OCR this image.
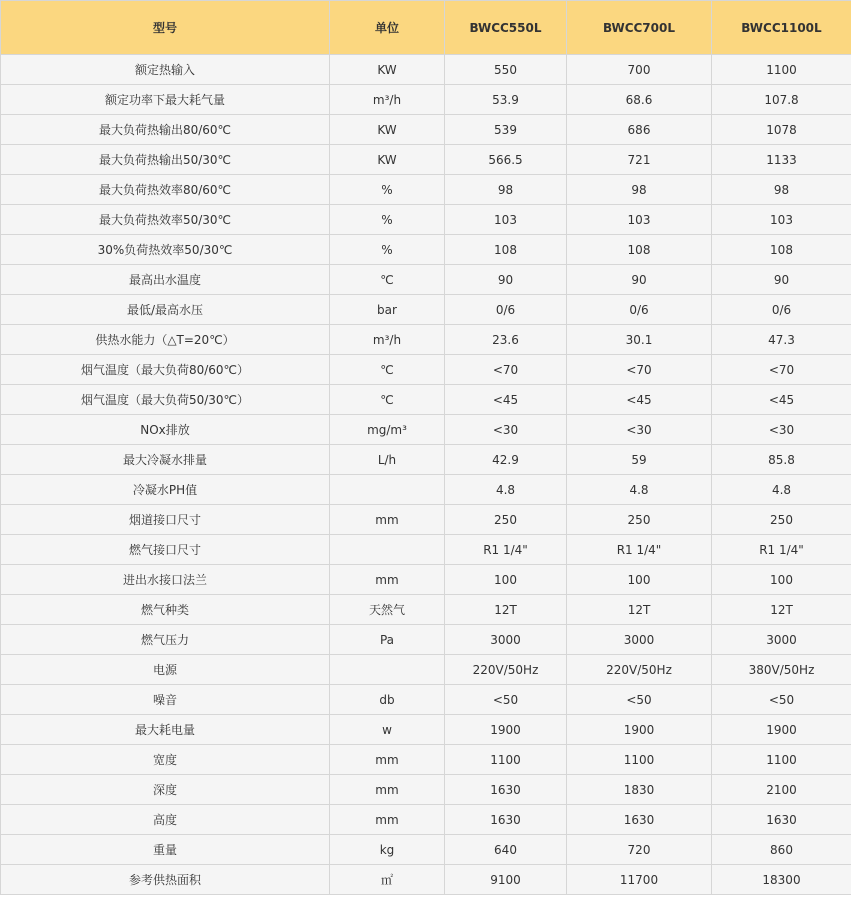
型号	单位	BWCC550L	BWCC700L	BWCC1100L
额定热输入	KW	550	700	1100
额定功率下最大耗气量	m³/h	53.9	68.6	107.8
最大负荷热输出80/60℃	KW	539	686	1078
最大负荷热输出50/30℃	KW	566.5	721	1133
最大负荷热效率80/60℃	%	98	98	98
最大负荷热效率50/30℃	%	103	103	103
30%负荷热效率50/30℃	%	108	108	108
最高出水温度	℃	90	90	90
最低/最高水压	bar	0/6	0/6	0/6
供热水能力（△T=20℃）	m³/h	23.6	30.1	47.3
烟气温度（最大负荷80/60℃）	℃	<70	<70	<70
烟气温度（最大负荷50/30℃）	℃	<45	<45	<45
NOx排放	mg/m³	<30	<30	<30
最大冷凝水排量	L/h	42.9	59	85.8
冷凝水PH值		4.8	4.8	4.8
烟道接口尺寸	mm	250	250	250
燃气接口尺寸		R1 1/4"	R1 1/4"	R1 1/4"
进出水接口法兰	mm	100	100	100
燃气种类	天然气	12T	12T	12T
燃气压力	Pa	3000	3000	3000
电源		220V/50Hz	220V/50Hz	380V/50Hz
噪音	db	<50	<50	<50
最大耗电量	w	1900	1900	1900
宽度	mm	1100	1100	1100
深度	mm	1630	1830	2100
高度	mm	1630	1630	1630
重量	kg	640	720	860
参考供热面积	㎡	9100	11700	18300
